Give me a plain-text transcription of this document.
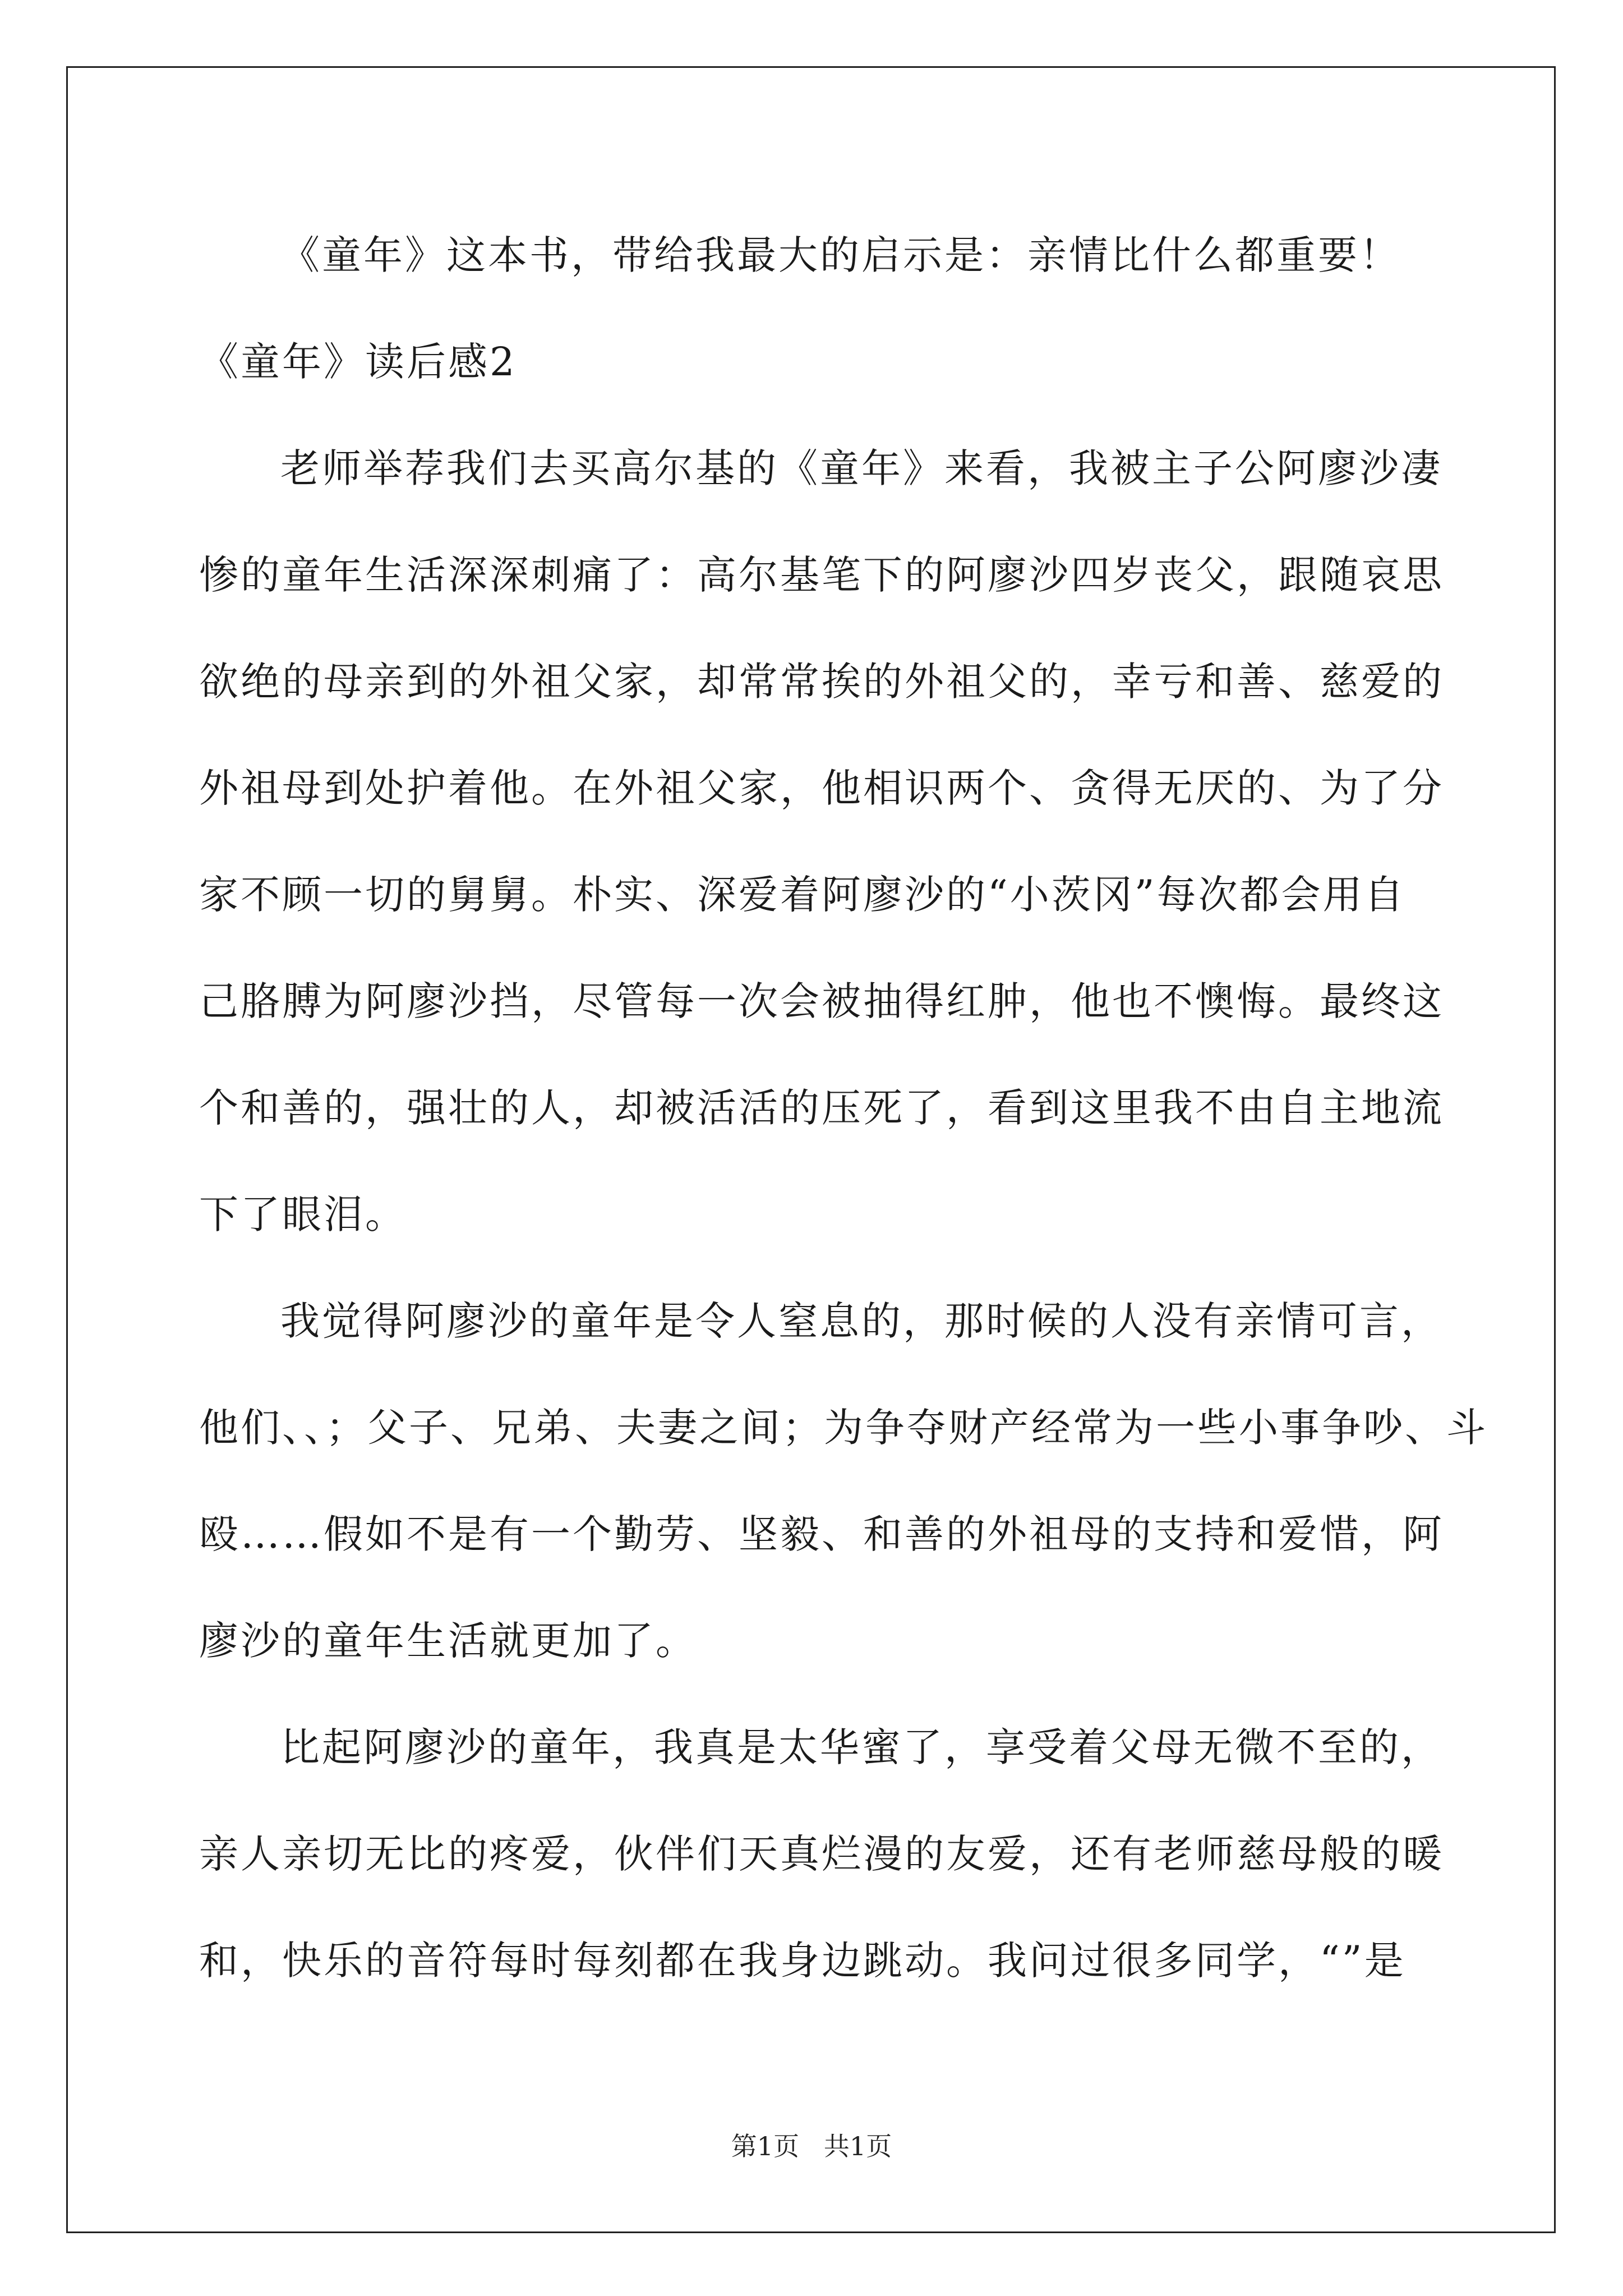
《童年》这本书，带给我最大的启示是：亲情比什么都重要！
《童年》读后感2
老师举荐我们去买高尔基的《童年》来看，我被主子公阿廖沙凄
惨的童年生活深深刺痛了：高尔基笔下的阿廖沙四岁丧父，跟随哀思
欲绝的母亲到的外祖父家，却常常挨的外祖父的，幸亏和善、慈爱的
外祖母到处护着他。在外祖父家，他相识两个、贪得无厌的、为了分
家不顾一切的舅舅。朴实、深爱着阿廖沙的“小茨冈”每次都会用自
己胳膊为阿廖沙挡，尽管每一次会被抽得红肿，他也不懊悔。最终这
个和善的，强壮的人，却被活活的压死了，看到这里我不由自主地流
下了眼泪。
我觉得阿廖沙的童年是令人窒息的，那时候的人没有亲情可言，
他们、、；父子、兄弟、夫妻之间；为争夺财产经常为一些小事争吵、斗
殴……假如不是有一个勤劳、坚毅、和善的外祖母的支持和爱惜，阿
廖沙的童年生活就更加了。
比起阿廖沙的童年，我真是太华蜜了，享受着父母无微不至的，
亲人亲切无比的疼爱，伙伴们天真烂漫的友爱，还有老师慈母般的暖
和，快乐的音符每时每刻都在我身边跳动。我问过很多同学，“”是
第1页   共1页
